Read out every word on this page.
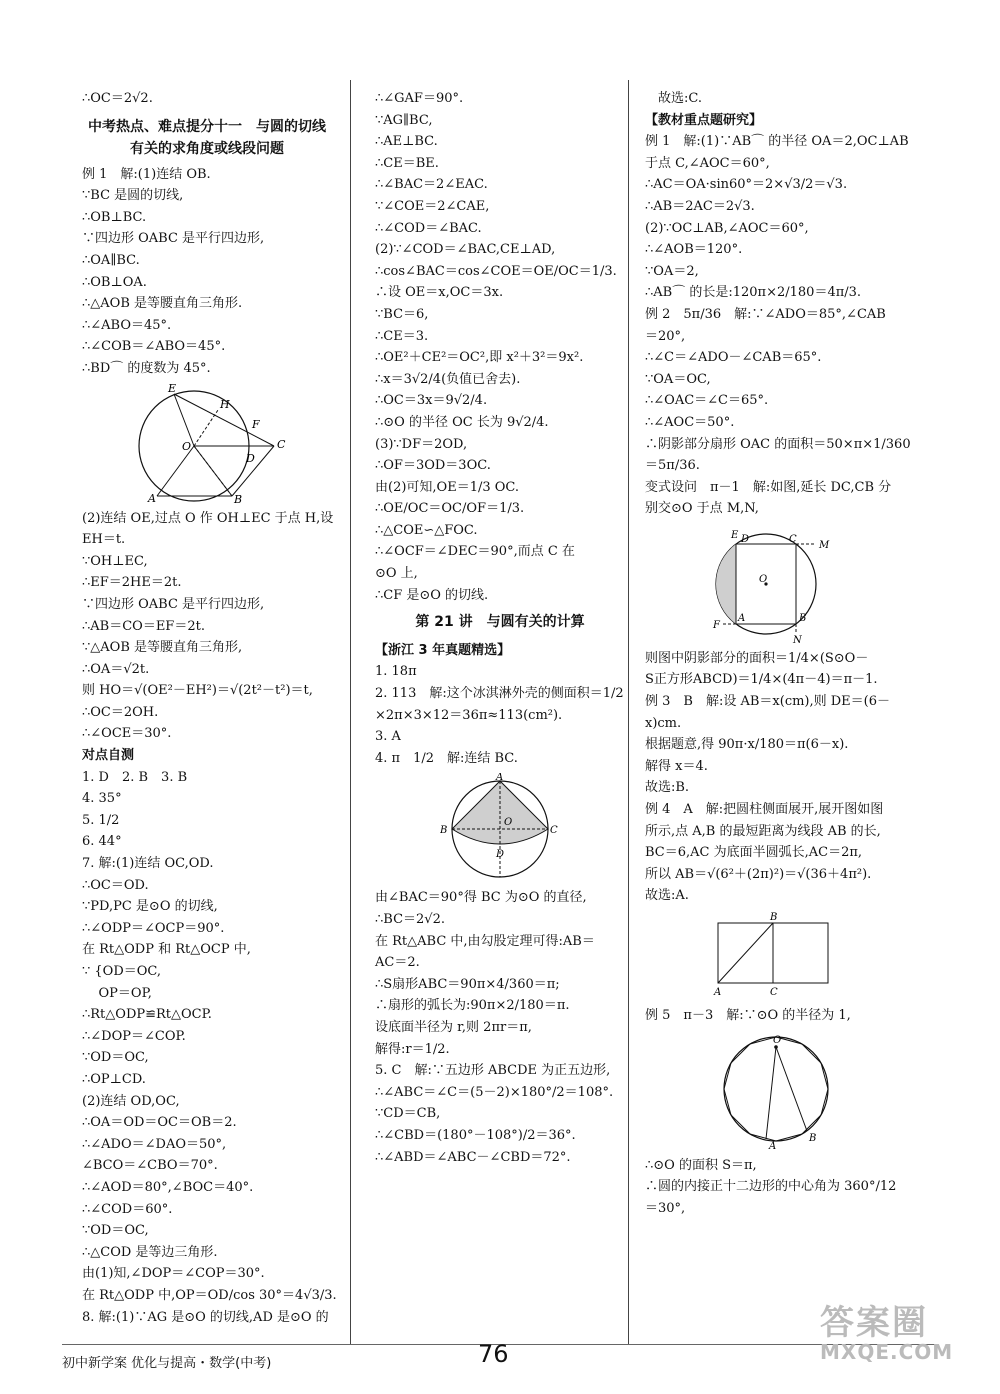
∴OC＝2√2.
中考热点、难点提分十一　与圆的切线
有关的求角度或线段问题
例 1　解:(1)连结 OB.
∵BC 是圆的切线,
∴OB⊥BC.
∵四边形 OABC 是平行四边形,
∴OA∥BC.
∴OB⊥OA.
∴△AOB 是等腰直角三角形.
∴∠ABO＝45°.
∴∠COB＝∠ABO＝45°.
∴BD⌒ 的度数为 45°.
E
H
F
O	C
D
A	B
(2)连结 OE,过点 O 作 OH⊥EC 于点 H,设
EH＝t.
∵OH⊥EC,
∴EF＝2HE＝2t.
∵四边形 OABC 是平行四边形,
∴AB＝CO＝EF＝2t.
∵△AOB 是等腰直角三角形,
∴OA＝√2t.
则 HO＝√(OE²－EH²)＝√(2t²－t²)＝t,
∴OC＝2OH.
∴∠OCE＝30°.
对点自测
1. D　2. B　3. B
4. 35°
5. 1/2
6. 44°
7. 解:(1)连结 OC,OD.
∴OC＝OD.
∵PD,PC 是⊙O 的切线,
∴∠ODP＝∠OCP＝90°.
在 Rt△ODP 和 Rt△OCP 中,
∵ {OD＝OC,
OP＝OP,
∴Rt△ODP≌Rt△OCP.
∴∠DOP＝∠COP.
∵OD＝OC,
∴OP⊥CD.
(2)连结 OD,OC,
∴OA＝OD＝OC＝OB＝2.
∴∠ADO＝∠DAO＝50°,
∠BCO＝∠CBO＝70°.
∴∠AOD＝80°,∠BOC＝40°.
∴∠COD＝60°.
∵OD＝OC,
∴△COD 是等边三角形.
由(1)知,∠DOP＝∠COP＝30°.
在 Rt△ODP 中,OP＝OD/cos 30°＝4√3/3.
8. 解:(1)∵AG 是⊙O 的切线,AD 是⊙O 的
∴∠GAF＝90°.
∵AG∥BC,
∴AE⊥BC.
∴CE＝BE.
∴∠BAC＝2∠EAC.
∵∠COE＝2∠CAE,
∴∠COD＝∠BAC.
(2)∵∠COD＝∠BAC,CE⊥AD,
∴cos∠BAC＝cos∠COE＝OE/OC＝1/3.
∴设 OE＝x,OC＝3x.
∵BC＝6,
∴CE＝3.
∴OE²＋CE²＝OC²,即 x²＋3²＝9x².
∴x＝3√2/4(负值已舍去).
∴OC＝3x＝9√2/4.
∴⊙O 的半径 OC 长为 9√2/4.
(3)∵DF＝2OD,
∴OF＝3OD＝3OC.
由(2)可知,OE＝1/3 OC.
∴OE/OC＝OC/OF＝1/3.
∴△COE∽△FOC.
∴∠OCF＝∠DEC＝90°,而点 C 在
⊙O 上,
∴CF 是⊙O 的切线.
第 21 讲　与圆有关的计算
【浙江 3 年真题精选】
1. 18π
2. 113　解:这个冰淇淋外壳的侧面积＝1/2
×2π×3×12＝36π≈113(cm²).
3. A
4. π　1/2　解:连结 BC.
A
B	C
D
O
由∠BAC＝90°得 BC 为⊙O 的直径,
∴BC＝2√2.
在 Rt△ABC 中,由勾股定理可得:AB＝
AC＝2.
∴S扇形ABC＝90π×4/360＝π;
∴扇形的弧长为:90π×2/180＝π.
设底面半径为 r,则 2πr＝π,
解得:r＝1/2.
5. C　解:∵五边形 ABCDE 为正五边形,
∴∠ABC＝∠C＝(5－2)×180°/2＝108°.
∵CD＝CB,
∴∠CBD＝(180°－108°)/2＝36°.
∴∠ABD＝∠ABC－∠CBD＝72°.
　故选:C.
【教材重点题研究】
例 1　解:(1)∵AB⌒ 的半径 OA＝2,OC⊥AB
于点 C,∠AOC＝60°,
∴AC＝OA·sin60°＝2×√3/2＝√3.
∴AB＝2AC＝2√3.
(2)∵OC⊥AB,∠AOC＝60°,
∴∠AOB＝120°.
∵OA＝2,
∴AB⌒ 的长是:120π×2/180＝4π/3.
例 2　5π/36　解:∵∠ADO＝85°,∠CAB
＝20°,
∴∠C＝∠ADO－∠CAB＝65°.
∵OA＝OC,
∴∠OAC＝∠C＝65°.
∴∠AOC＝50°.
∴阴影部分扇形 OAC 的面积＝50×π×1/360
＝5π/36.
变式设问　π－1　解:如图,延长 DC,CB 分
别交⊙O 于点 M,N,
E D	C
M
O
F
A	B
N
则图中阴影部分的面积＝1/4×(S⊙O－
S正方形ABCD)＝1/4×(4π－4)＝π－1.
例 3　B　解:设 AB＝x(cm),则 DE＝(6－
x)cm.
根据题意,得 90π·x/180＝π(6－x).
解得 x＝4.
故选:B.
例 4　A　解:把圆柱侧面展开,展开图如图
所示,点 A,B 的最短距离为线段 AB 的长,
BC＝6,AC 为底面半圆弧长,AC＝2π,
所以 AB＝√(6²＋(2π)²)＝√(36＋4π²).
故选:A.
B
A	C
例 5　π－3　解:∵⊙O 的半径为 1,
O
A
B
∴⊙O 的面积 S＝π,
∴圆的内接正十二边形的中心角为 360°/12
＝30°,
初中新学案 优化与提高・数学(中考)	76
答案圈
MXQE.COM
